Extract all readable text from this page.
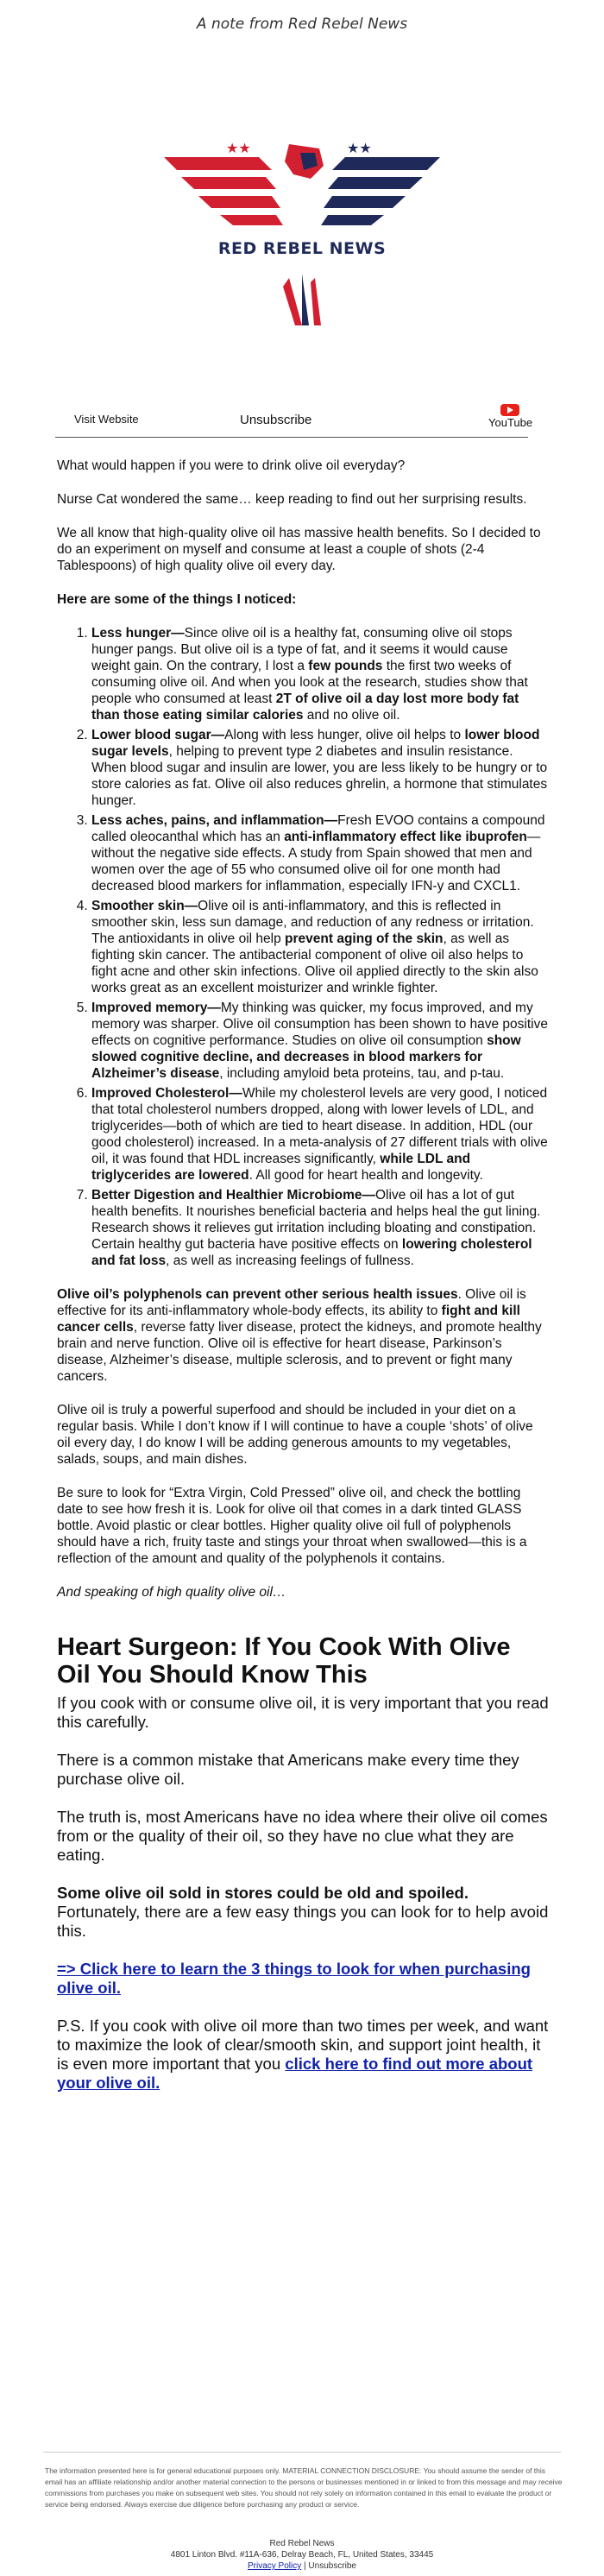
A note from Red Rebel News
★★	★★
RED REBEL NEWS
Visit Website	Unsubscribe	YouTube

What would happen if you were to drink olive oil everyday?

Nurse Cat wondered the same… keep reading to find out her surprising results.

We all know that high-quality olive oil has massive health benefits. So I decided to do an experiment on myself and consume at least a couple of shots (2-4 Tablespoons) of high quality olive oil every day.

Here are some of the things I noticed:

1. Less hunger—Since olive oil is a healthy fat, consuming olive oil stops hunger pangs. But olive oil is a type of fat, and it seems it would cause weight gain. On the contrary, I lost a few pounds the first two weeks of consuming olive oil. And when you look at the research, studies show that people who consumed at least 2T of olive oil a day lost more body fat than those eating similar calories and no olive oil.
2. Lower blood sugar—Along with less hunger, olive oil helps to lower blood sugar levels, helping to prevent type 2 diabetes and insulin resistance. When blood sugar and insulin are lower, you are less likely to be hungry or to store calories as fat. Olive oil also reduces ghrelin, a hormone that stimulates hunger.
3. Less aches, pains, and inflammation—Fresh EVOO contains a compound called oleocanthal which has an anti-inflammatory effect like ibuprofen—without the negative side effects. A study from Spain showed that men and women over the age of 55 who consumed olive oil for one month had decreased blood markers for inflammation, especially IFN-y and CXCL1.
4. Smoother skin—Olive oil is anti-inflammatory, and this is reflected in smoother skin, less sun damage, and reduction of any redness or irritation. The antioxidants in olive oil help prevent aging of the skin, as well as fighting skin cancer. The antibacterial component of olive oil also helps to fight acne and other skin infections. Olive oil applied directly to the skin also works great as an excellent moisturizer and wrinkle fighter.
5. Improved memory—My thinking was quicker, my focus improved, and my memory was sharper. Olive oil consumption has been shown to have positive effects on cognitive performance. Studies on olive oil consumption show slowed cognitive decline, and decreases in blood markers for Alzheimer’s disease, including amyloid beta proteins, tau, and p-tau.
6. Improved Cholesterol—While my cholesterol levels are very good, I noticed that total cholesterol numbers dropped, along with lower levels of LDL, and triglycerides—both of which are tied to heart disease. In addition, HDL (our good cholesterol) increased. In a meta-analysis of 27 different trials with olive oil, it was found that HDL increases significantly, while LDL and triglycerides are lowered. All good for heart health and longevity.
7. Better Digestion and Healthier Microbiome—Olive oil has a lot of gut health benefits. It nourishes beneficial bacteria and helps heal the gut lining. Research shows it relieves gut irritation including bloating and constipation. Certain healthy gut bacteria have positive effects on lowering cholesterol and fat loss, as well as increasing feelings of fullness.

Olive oil’s polyphenols can prevent other serious health issues. Olive oil is effective for its anti-inflammatory whole-body effects, its ability to fight and kill cancer cells, reverse fatty liver disease, protect the kidneys, and promote healthy brain and nerve function. Olive oil is effective for heart disease, Parkinson’s disease, Alzheimer’s disease, multiple sclerosis, and to prevent or fight many cancers.

Olive oil is truly a powerful superfood and should be included in your diet on a regular basis. While I don’t know if I will continue to have a couple ‘shots’ of olive oil every day, I do know I will be adding generous amounts to my vegetables, salads, soups, and main dishes.

Be sure to look for “Extra Virgin, Cold Pressed” olive oil, and check the bottling date to see how fresh it is. Look for olive oil that comes in a dark tinted GLASS bottle. Avoid plastic or clear bottles. Higher quality olive oil full of polyphenols should have a rich, fruity taste and stings your throat when swallowed—this is a reflection of the amount and quality of the polyphenols it contains.

And speaking of high quality olive oil…

Heart Surgeon: If You Cook With Olive Oil You Should Know This

If you cook with or consume olive oil, it is very important that you read this carefully.

There is a common mistake that Americans make every time they purchase olive oil.

The truth is, most Americans have no idea where their olive oil comes from or the quality of their oil, so they have no clue what they are eating.

Some olive oil sold in stores could be old and spoiled. Fortunately, there are a few easy things you can look for to help avoid this.

=> Click here to learn the 3 things to look for when purchasing olive oil.

P.S. If you cook with olive oil more than two times per week, and want to maximize the look of clear/smooth skin, and support joint health, it is even more important that you click here to find out more about your olive oil.

The information presented here is for general educational purposes only. MATERIAL CONNECTION DISCLOSURE: You should assume the sender of this email has an affiliate relationship and/or another material connection to the persons or businesses mentioned in or linked to from this message and may receive commissions from purchases you make on subsequent web sites. You should not rely solely on information contained in this email to evaluate the product or service being endorsed. Always exercise due diligence before purchasing any product or service.
Red Rebel News
4801 Linton Blvd. #11A-636, Delray Beach, FL, United States, 33445
Privacy Policy | Unsubscribe
